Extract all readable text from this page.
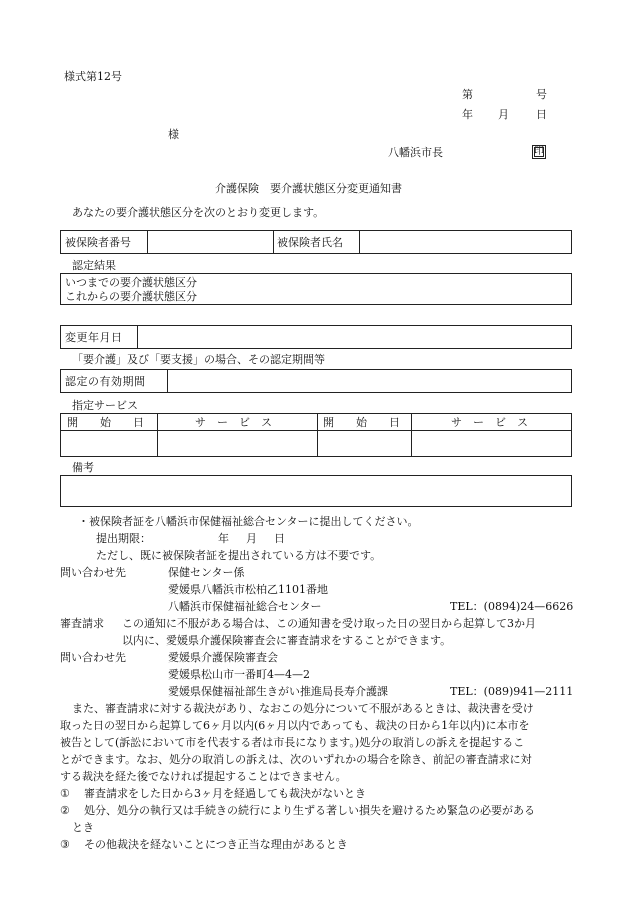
様式第12号
第	号
年 月 日
様
八幡浜市長	印
介護保険　要介護状態区分変更通知書
あなたの要介護状態区分を次のとおり変更します。
被保険者番号	被保険者氏名
認定結果
いつまでの要介護状態区分
これからの要介護状態区分
変更年月日
「要介護」及び「要支援」の場合、その認定期間等
認定の有効期間
指定サービス
開　　始　　日	サ　ー　ビ　ス	開　　始　　日	サ　ー　ビ　ス
備考
・被保険者証を八幡浜市保健福祉総合センターに提出してください。
提出期限：	年 月 日
ただし、既に被保険者証を提出されている方は不要です。
問い合わせ先	保健センター係
愛媛県八幡浜市松柏乙1101番地
八幡浜市保健福祉総合センター	TEL：(0894)24—6626
審査請求 この通知に不服がある場合は、この通知書を受け取った日の翌日から起算して3か月
以内に、愛媛県介護保険審査会に審査請求をすることができます。
問い合わせ先	愛媛県介護保険審査会
愛媛県松山市一番町4—4—2
愛媛県保健福祉部生きがい推進局長寿介護課	TEL：(089)941—2111
また、審査請求に対する裁決があり、なおこの処分について不服があるときは、裁決書を受け
取った日の翌日から起算して6ヶ月以内(6ヶ月以内であっても、裁決の日から1年以内)に本市を
被告として(訴訟において市を代表する者は市長になります。)処分の取消しの訴えを提起するこ
とができます。なお、処分の取消しの訴えは、次のいずれかの場合を除き、前記の審査請求に対
する裁決を経た後でなければ提起することはできません。
① 審査請求をした日から3ヶ月を経過しても裁決がないとき
② 処分、処分の執行又は手続きの続行により生ずる著しい損失を避けるため緊急の必要がある
とき
③ その他裁決を経ないことにつき正当な理由があるとき
